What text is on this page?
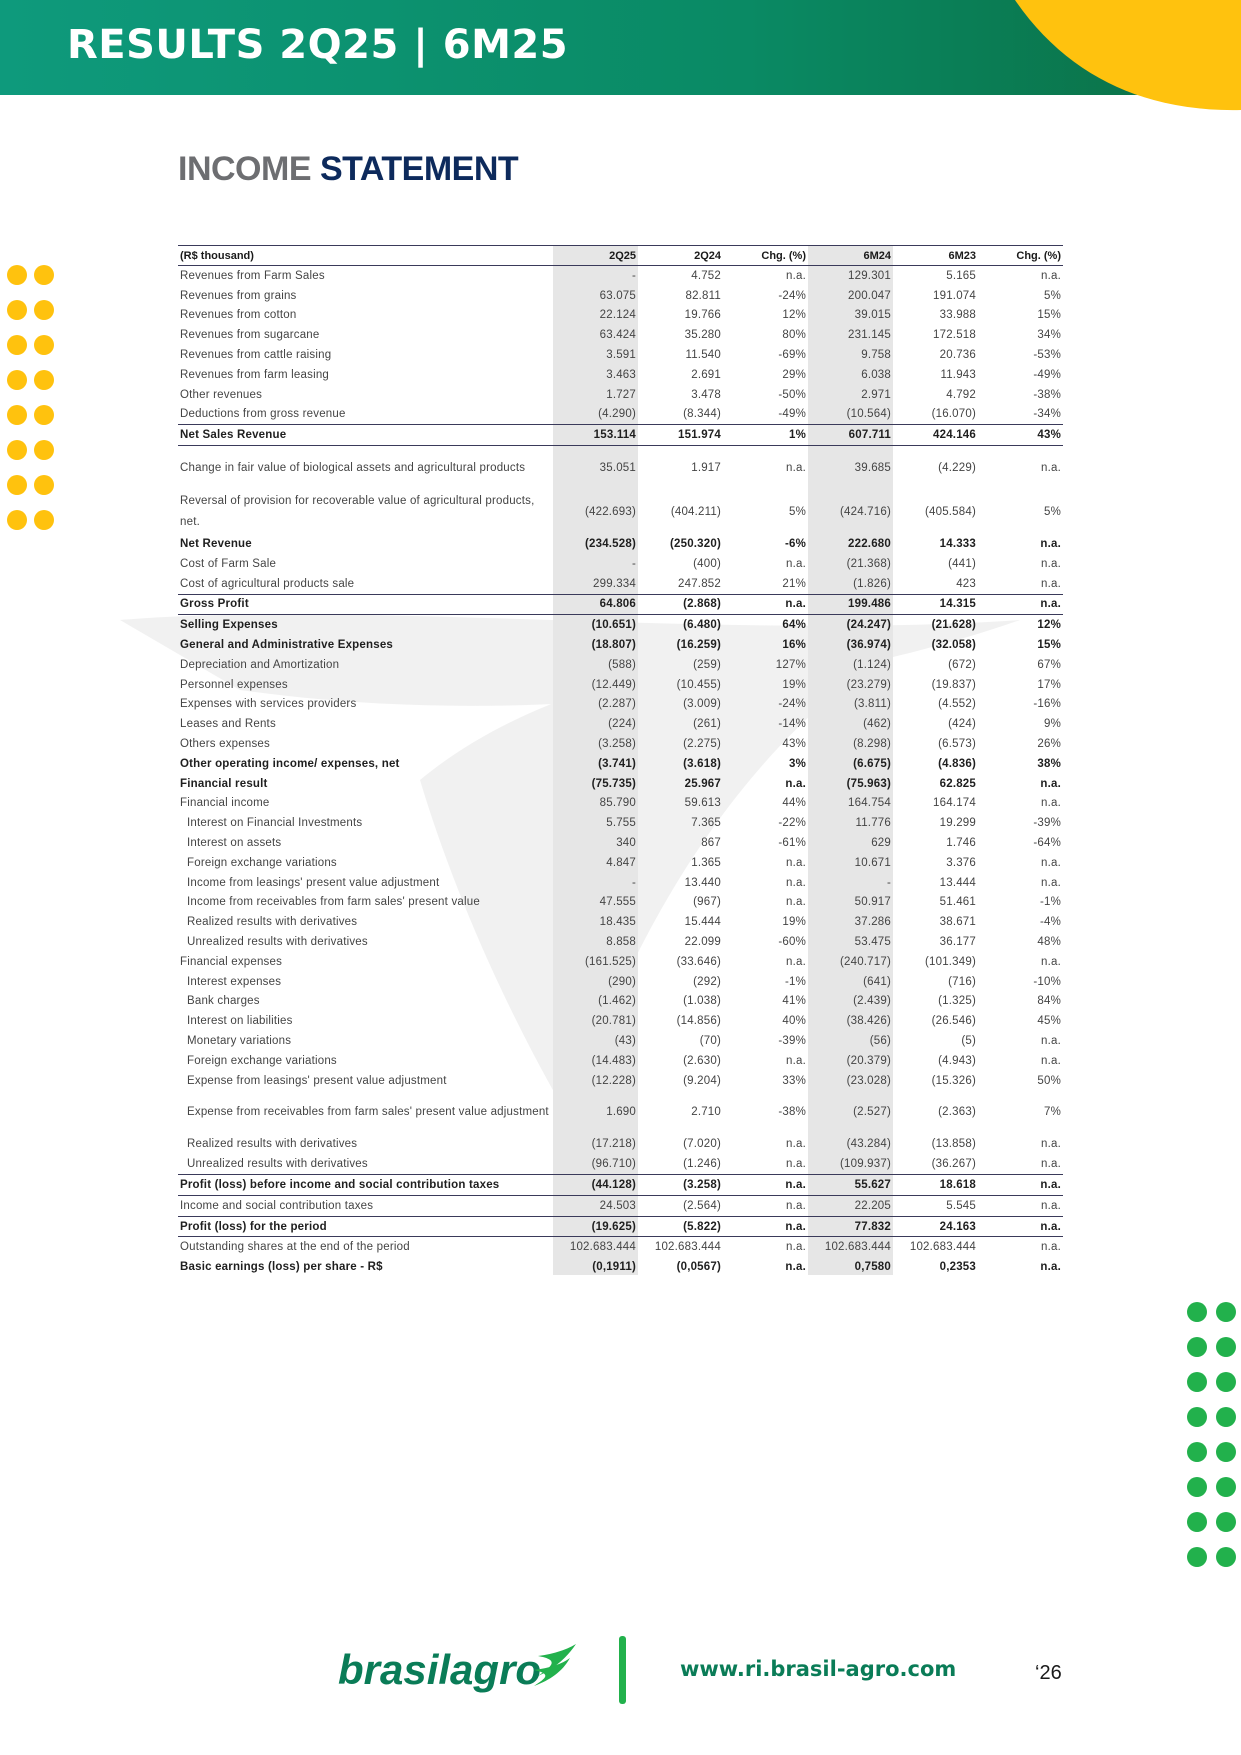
RESULTS 2Q25 | 6M25
INCOME STATEMENT
(R$ thousand)	2Q25	2Q24	Chg. (%)	6M24	6M23	Chg. (%)
Revenues from Farm Sales	-	4.752	n.a.	129.301	5.165	n.a.
Revenues from grains	63.075	82.811	-24%	200.047	191.074	5%
Revenues from cotton	22.124	19.766	12%	39.015	33.988	15%
Revenues from sugarcane	63.424	35.280	80%	231.145	172.518	34%
Revenues from cattle raising	3.591	11.540	-69%	9.758	20.736	-53%
Revenues from farm leasing	3.463	2.691	29%	6.038	11.943	-49%
Other revenues	1.727	3.478	-50%	2.971	4.792	-38%
Deductions from gross revenue	(4.290)	(8.344)	-49%	(10.564)	(16.070)	-34%
Net Sales Revenue	153.114	151.974	1%	607.711	424.146	43%
Change in fair value of biological assets and agricultural products	35.051	1.917	n.a.	39.685	(4.229)	n.a.
Reversal of provision for recoverable value of agricultural products, net.	(422.693)	(404.211)	5%	(424.716)	(405.584)	5%
Net Revenue	(234.528)	(250.320)	-6%	222.680	14.333	n.a.
Cost of Farm Sale	-	(400)	n.a.	(21.368)	(441)	n.a.
Cost of agricultural products sale	299.334	247.852	21%	(1.826)	423	n.a.
Gross Profit	64.806	(2.868)	n.a.	199.486	14.315	n.a.
Selling Expenses	(10.651)	(6.480)	64%	(24.247)	(21.628)	12%
General and Administrative Expenses	(18.807)	(16.259)	16%	(36.974)	(32.058)	15%
Depreciation and Amortization	(588)	(259)	127%	(1.124)	(672)	67%
Personnel expenses	(12.449)	(10.455)	19%	(23.279)	(19.837)	17%
Expenses with services providers	(2.287)	(3.009)	-24%	(3.811)	(4.552)	-16%
Leases and Rents	(224)	(261)	-14%	(462)	(424)	9%
Others expenses	(3.258)	(2.275)	43%	(8.298)	(6.573)	26%
Other operating income/ expenses, net	(3.741)	(3.618)	3%	(6.675)	(4.836)	38%
Financial result	(75.735)	25.967	n.a.	(75.963)	62.825	n.a.
Financial income	85.790	59.613	44%	164.754	164.174	n.a.
Interest on Financial Investments	5.755	7.365	-22%	11.776	19.299	-39%
Interest on assets	340	867	-61%	629	1.746	-64%
Foreign exchange variations	4.847	1.365	n.a.	10.671	3.376	n.a.
Income from leasings' present value adjustment	-	13.440	n.a.	-	13.444	n.a.
Income from receivables from farm sales' present value	47.555	(967)	n.a.	50.917	51.461	-1%
Realized results with derivatives	18.435	15.444	19%	37.286	38.671	-4%
Unrealized results with derivatives	8.858	22.099	-60%	53.475	36.177	48%
Financial expenses	(161.525)	(33.646)	n.a.	(240.717)	(101.349)	n.a.
Interest expenses	(290)	(292)	-1%	(641)	(716)	-10%
Bank charges	(1.462)	(1.038)	41%	(2.439)	(1.325)	84%
Interest on liabilities	(20.781)	(14.856)	40%	(38.426)	(26.546)	45%
Monetary variations	(43)	(70)	-39%	(56)	(5)	n.a.
Foreign exchange variations	(14.483)	(2.630)	n.a.	(20.379)	(4.943)	n.a.
Expense from leasings' present value adjustment	(12.228)	(9.204)	33%	(23.028)	(15.326)	50%
Expense from receivables from farm sales' present value adjustment	1.690	2.710	-38%	(2.527)	(2.363)	7%
Realized results with derivatives	(17.218)	(7.020)	n.a.	(43.284)	(13.858)	n.a.
Unrealized results with derivatives	(96.710)	(1.246)	n.a.	(109.937)	(36.267)	n.a.
Profit (loss) before income and social contribution taxes	(44.128)	(3.258)	n.a.	55.627	18.618	n.a.
Income and social contribution taxes	24.503	(2.564)	n.a.	22.205	5.545	n.a.
Profit (loss) for the period	(19.625)	(5.822)	n.a.	77.832	24.163	n.a.
Outstanding shares at the end of the period	102.683.444	102.683.444	n.a.	102.683.444	102.683.444	n.a.
Basic earnings (loss) per share - R$	(0,1911)	(0,0567)	n.a.	0,7580	0,2353	n.a.
brasilagro	www.ri.brasil-agro.com	‘26
